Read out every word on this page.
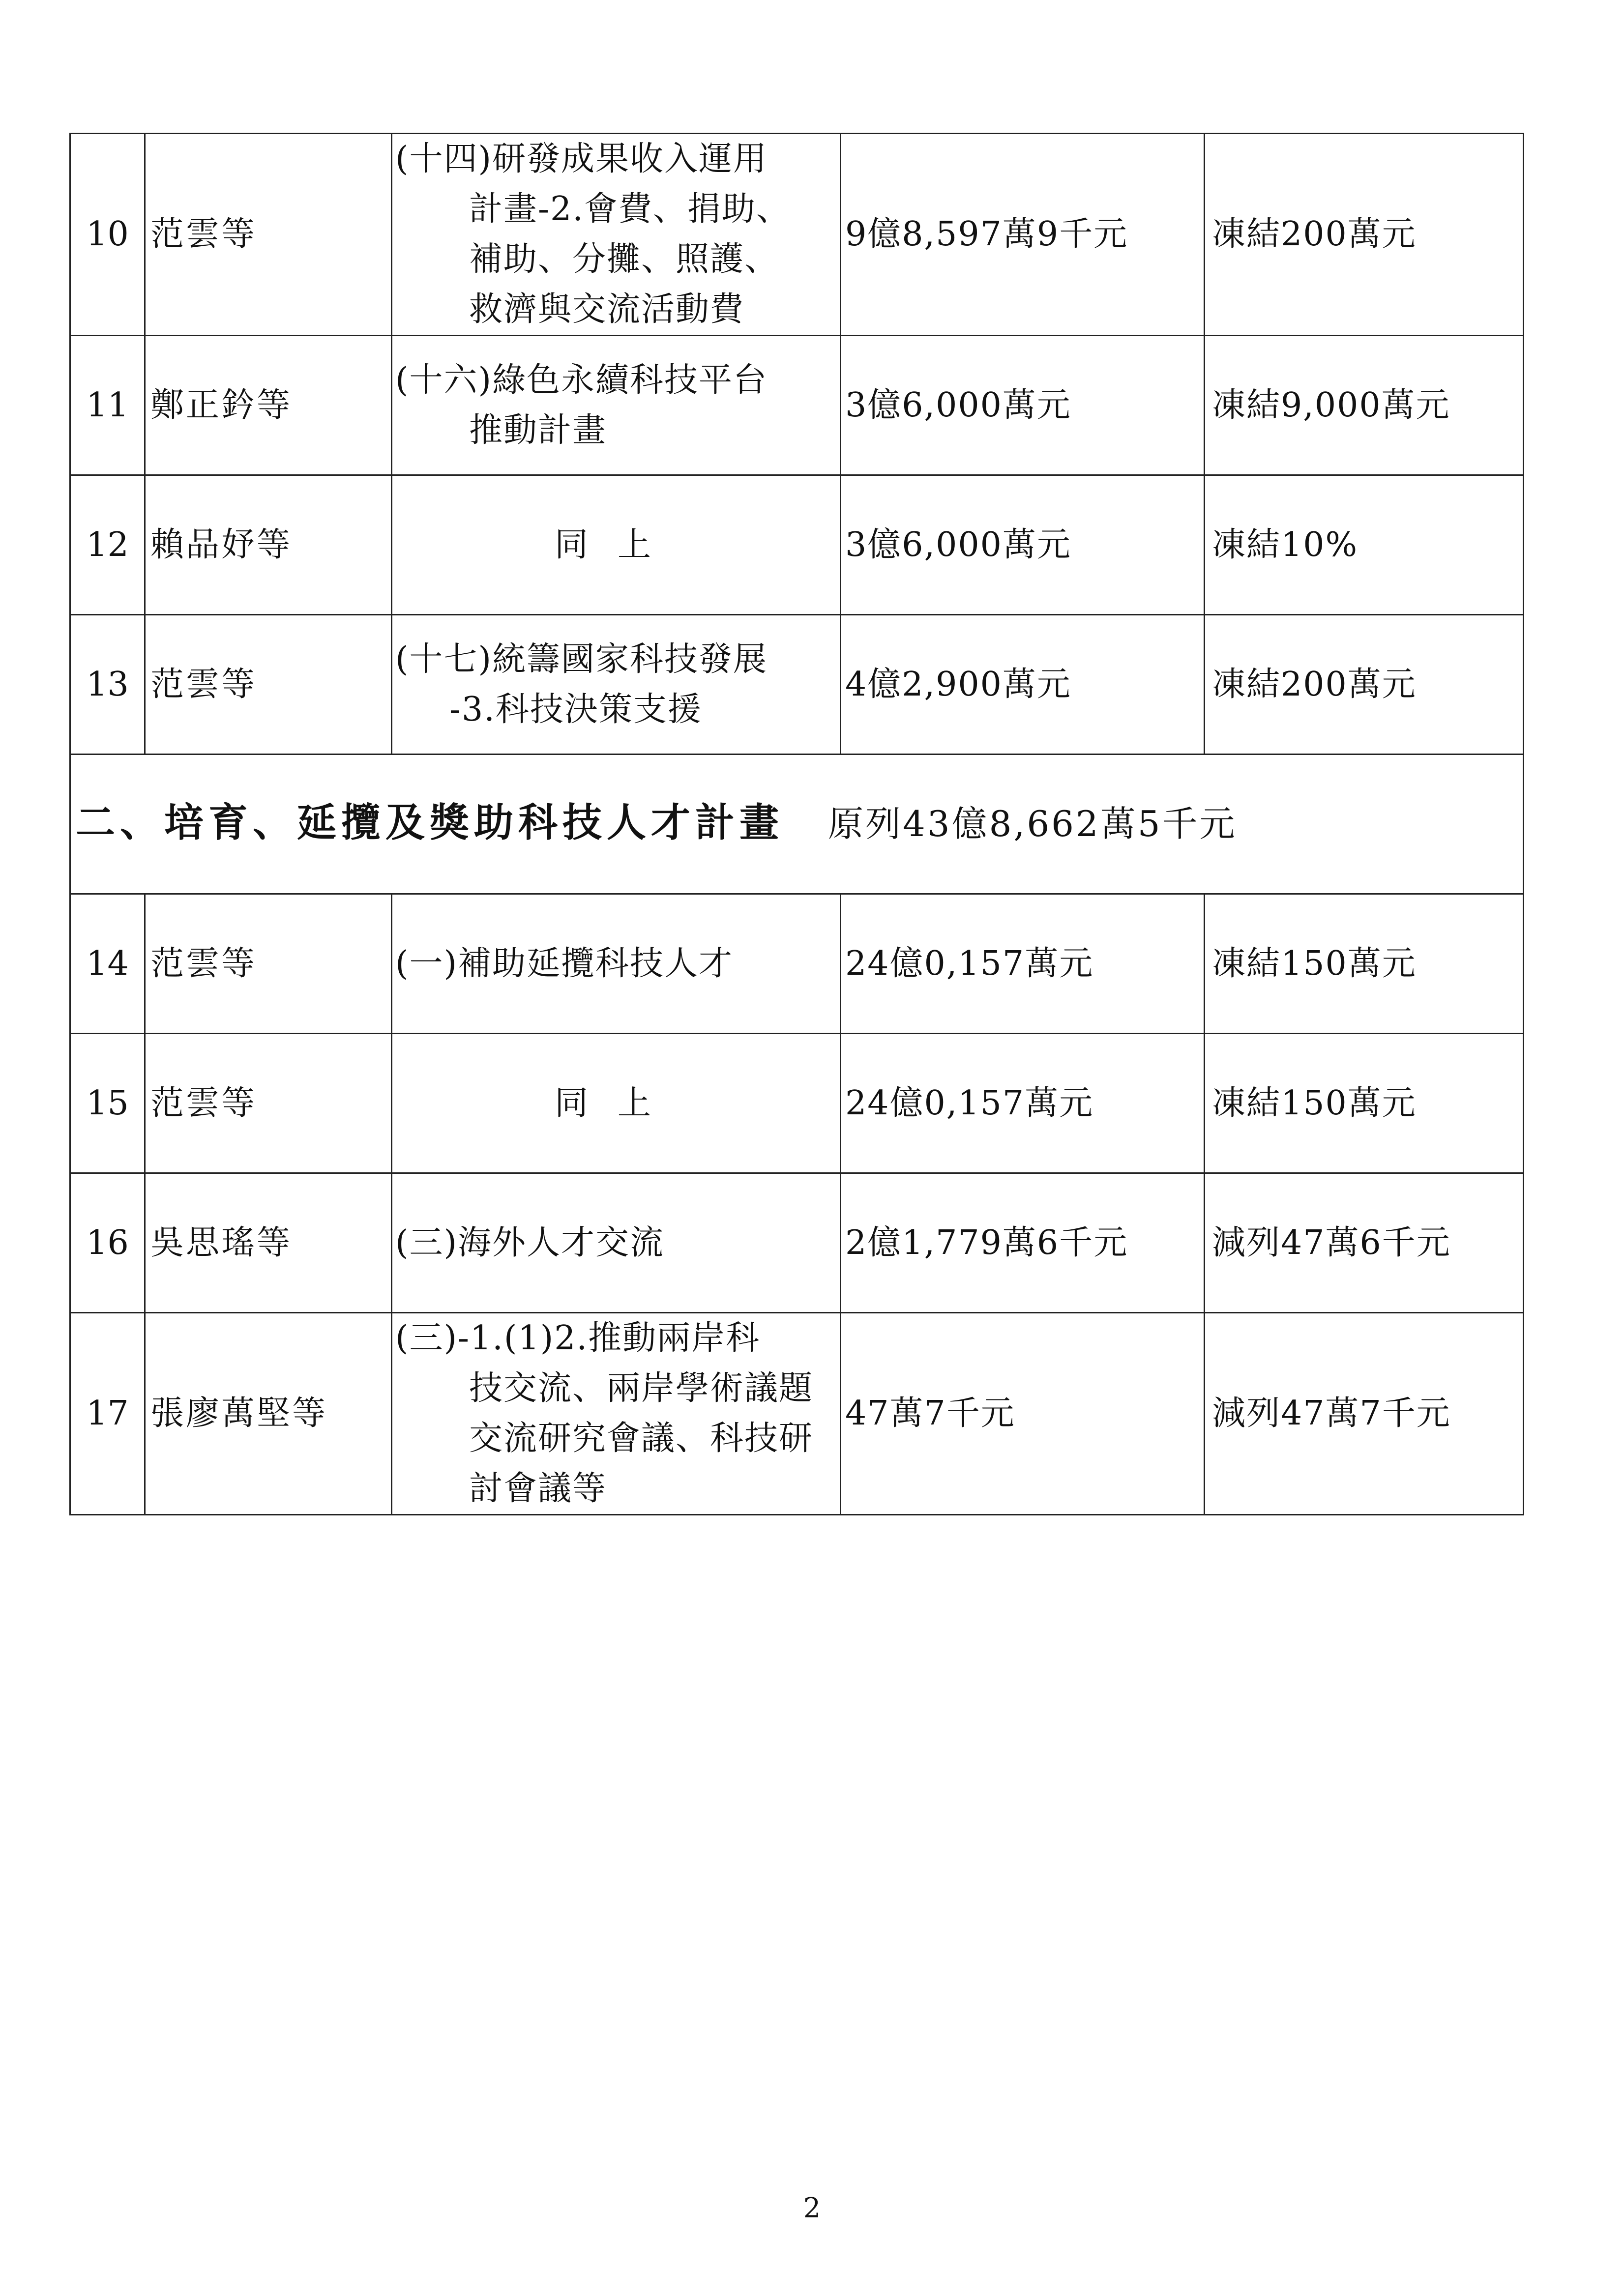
10	范雲等	(十四)研發成果收入運用
計畫-2.會費、捐助、
補助、分攤、照護、
救濟與交流活動費	9億8,597萬9千元	凍結200萬元
11	鄭正鈐等	(十六)綠色永續科技平台
推動計畫	3億6,000萬元	凍結9,000萬元
12	賴品妤等	同上	3億6,000萬元	凍結10%
13	范雲等	(十七)統籌國家科技發展
-3.科技決策支援	4億2,900萬元	凍結200萬元
二、培育、延攬及獎助科技人才計畫 原列43億8,662萬5千元				
14	范雲等	(一)補助延攬科技人才	24億0,157萬元	凍結150萬元
15	范雲等	同上	24億0,157萬元	凍結150萬元
16	吳思瑤等	(三)海外人才交流	2億1,779萬6千元	減列47萬6千元
17	張廖萬堅等	(三)-1.(1)2.推動兩岸科
技交流、兩岸學術議題
交流研究會議、科技研
討會議等	47萬7千元	減列47萬7千元
2
